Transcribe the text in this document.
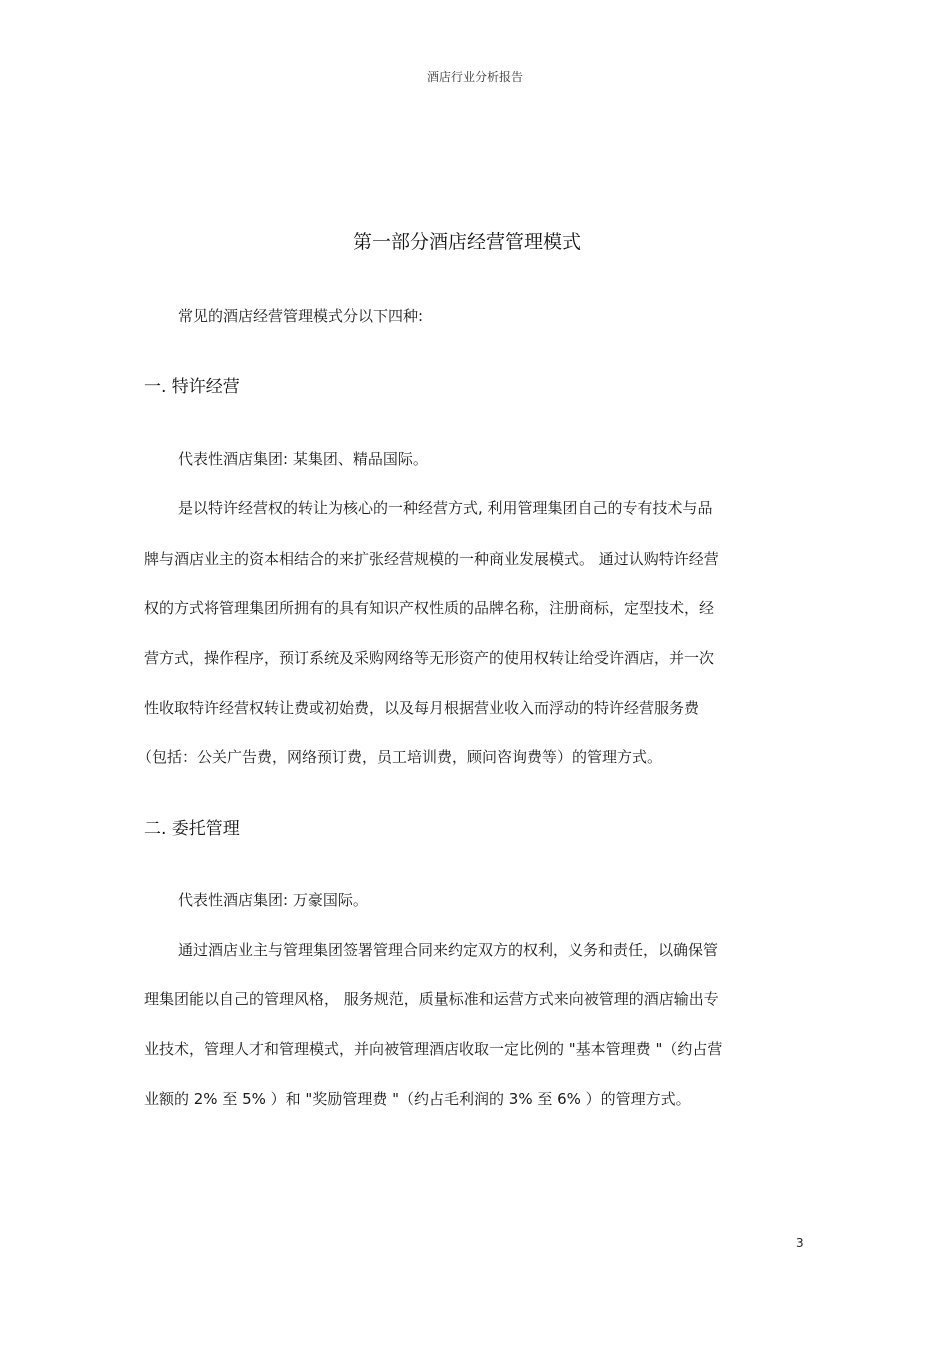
酒店行业分析报告
第一部分酒店经营管理模式

常见的酒店经营管理模式分以下四种:

一. 特许经营

代表性酒店集团: 某集团、精品国际。

是以特许经营权的转让为核心的一种经营方式, 利用管理集团自己的专有技术与品

牌与酒店业主的资本相结合的来扩张经营规模的一种商业发展模式。 通过认购特许经营

权的方式将管理集团所拥有的具有知识产权性质的品牌名称，注册商标，定型技术，经

营方式，操作程序，预订系统及采购网络等无形资产的使用权转让给受许酒店，并一次

性收取特许经营权转让费或初始费，以及每月根据营业收入而浮动的特许经营服务费

（包括：公关广告费，网络预订费，员工培训费，顾问咨询费等）的管理方式。

二. 委托管理

代表性酒店集团: 万豪国际。

通过酒店业主与管理集团签署管理合同来约定双方的权利，义务和责任，以确保管

理集团能以自己的管理风格， 服务规范，质量标准和运营方式来向被管理的酒店输出专

业技术，管理人才和管理模式，并向被管理酒店收取一定比例的 "基本管理费 "（约占营

业额的 2% 至 5% ）和 "奖励管理费 "（约占毛利润的 3% 至 6% ）的管理方式。

3
